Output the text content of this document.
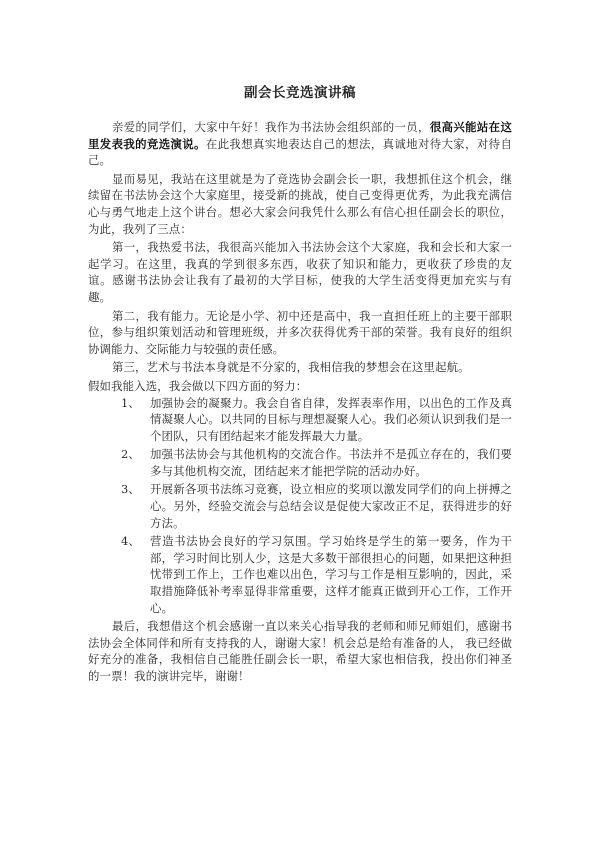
副会长竞选演讲稿

亲爱的同学们，大家中午好！我作为书法协会组织部的一员，很高兴能站在这里发表我的竞选演说。在此我想真实地表达自己的想法，真诚地对待大家，对待自己。

显而易见，我站在这里就是为了竞选协会副会长一职，我想抓住这个机会，继续留在书法协会这个大家庭里，接受新的挑战，使自己变得更优秀，为此我充满信心与勇气地走上这个讲台。想必大家会问我凭什么那么有信心担任副会长的职位，为此，我列了三点：

第一，我热爱书法，我很高兴能加入书法协会这个大家庭，我和会长和大家一起学习。在这里，我真的学到很多东西，收获了知识和能力，更收获了珍贵的友谊。感谢书法协会让我有了最初的大学目标，使我的大学生活变得更加充实与有趣。

第二，我有能力。无论是小学、初中还是高中，我一直担任班上的主要干部职位，参与组织策划活动和管理班级，并多次获得优秀干部的荣誉。我有良好的组织协调能力、交际能力与较强的责任感。

第三，艺术与书法本身就是不分家的，我相信我的梦想会在这里起航。

假如我能入选，我会做以下四方面的努力：

1、 加强协会的凝聚力。我会自省自律，发挥表率作用，以出色的工作及真情凝聚人心。以共同的目标与理想凝聚人心。我们必须认识到我们是一个团队，只有团结起来才能发挥最大力量。
2、 加强书法协会与其他机构的交流合作。书法并不是孤立存在的，我们要多与其他机构交流，团结起来才能把学院的活动办好。
3、 开展新各项书法练习竞赛，设立相应的奖项以激发同学们的向上拼搏之心。另外，经验交流会与总结会议是促使大家改正不足，获得进步的好方法。
4、 营造书法协会良好的学习氛围。学习始终是学生的第一要务，作为干部，学习时间比别人少，这是大多数干部很担心的问题，如果把这种担忧带到工作上，工作也难以出色，学习与工作是相互影响的，因此，采取措施降低补考率显得非常重要，这样才能真正做到开心工作，工作开心。

最后，我想借这个机会感谢一直以来关心指导我的老师和师兄师姐们，感谢书法协会全体同伴和所有支持我的人，谢谢大家！机会总是给有准备的人， 我已经做好充分的准备，我相信自己能胜任副会长一职，希望大家也相信我，投出你们神圣的一票！我的演讲完毕，谢谢！
